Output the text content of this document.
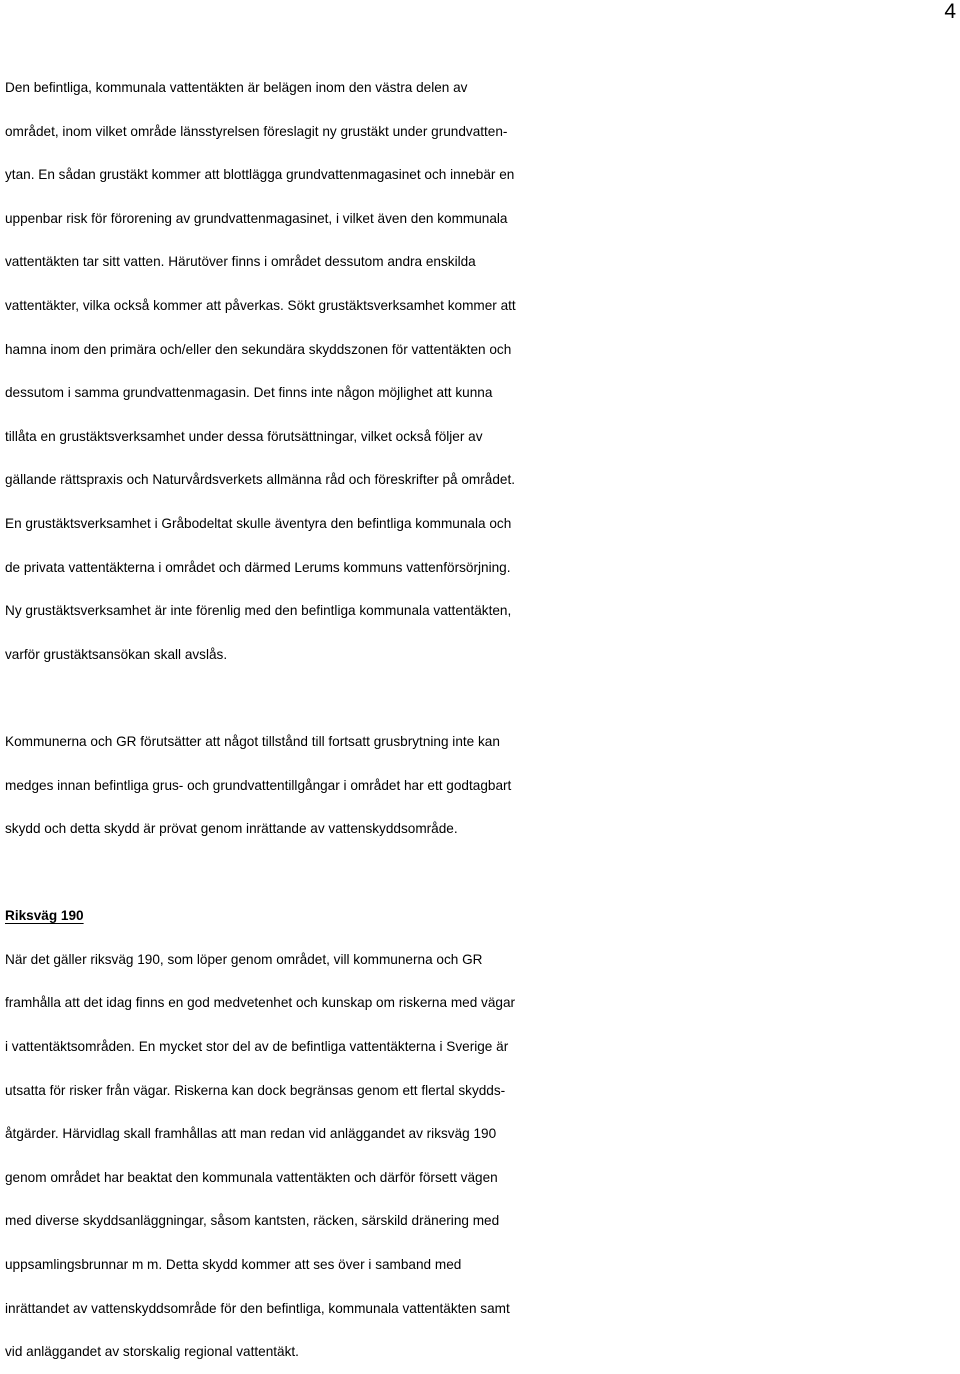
4
Den befintliga, kommunala vattentäkten är belägen inom den västra delen av
området, inom vilket område länsstyrelsen föreslagit ny grustäkt under grundvatten-
ytan. En sådan grustäkt kommer att blottlägga grundvattenmagasinet och innebär en
uppenbar risk för förorening av grundvattenmagasinet, i vilket även den kommunala
vattentäkten tar sitt vatten. Härutöver finns i området dessutom andra enskilda
vattentäkter, vilka också kommer att påverkas. Sökt grustäktsverksamhet kommer att
hamna inom den primära och/eller den sekundära skyddszonen för vattentäkten och
dessutom i samma grundvattenmagasin. Det finns inte någon möjlighet att kunna
tillåta en grustäktsverksamhet under dessa förutsättningar, vilket också följer av
gällande rättspraxis och Naturvårdsverkets allmänna råd och föreskrifter på området.
En grustäktsverksamhet i Gråbodeltat skulle äventyra den befintliga kommunala och
de privata vattentäkterna i området och därmed Lerums kommuns vattenförsörjning.
Ny grustäktsverksamhet är inte förenlig med den befintliga kommunala vattentäkten,
varför grustäktsansökan skall avslås.
Kommunerna och GR förutsätter att något tillstånd till fortsatt grusbrytning inte kan
medges innan befintliga grus- och grundvattentillgångar i området har ett godtagbart
skydd och detta skydd är prövat genom inrättande av vattenskyddsområde.
Riksväg 190
När det gäller riksväg 190, som löper genom området, vill kommunerna och GR
framhålla att det idag finns en god medvetenhet och kunskap om riskerna med vägar
i vattentäktsområden. En mycket stor del av de befintliga vattentäkterna i Sverige är
utsatta för risker från vägar. Riskerna kan dock begränsas genom ett flertal skydds-
åtgärder. Härvidlag skall framhållas att man redan vid anläggandet av riksväg 190
genom området har beaktat den kommunala vattentäkten och därför försett vägen
med diverse skyddsanläggningar, såsom kantsten, räcken, särskild dränering med
uppsamlingsbrunnar m m. Detta skydd kommer att ses över i samband med
inrättandet av vattenskyddsområde för den befintliga, kommunala vattentäkten samt
vid anläggandet av storskalig regional vattentäkt.
